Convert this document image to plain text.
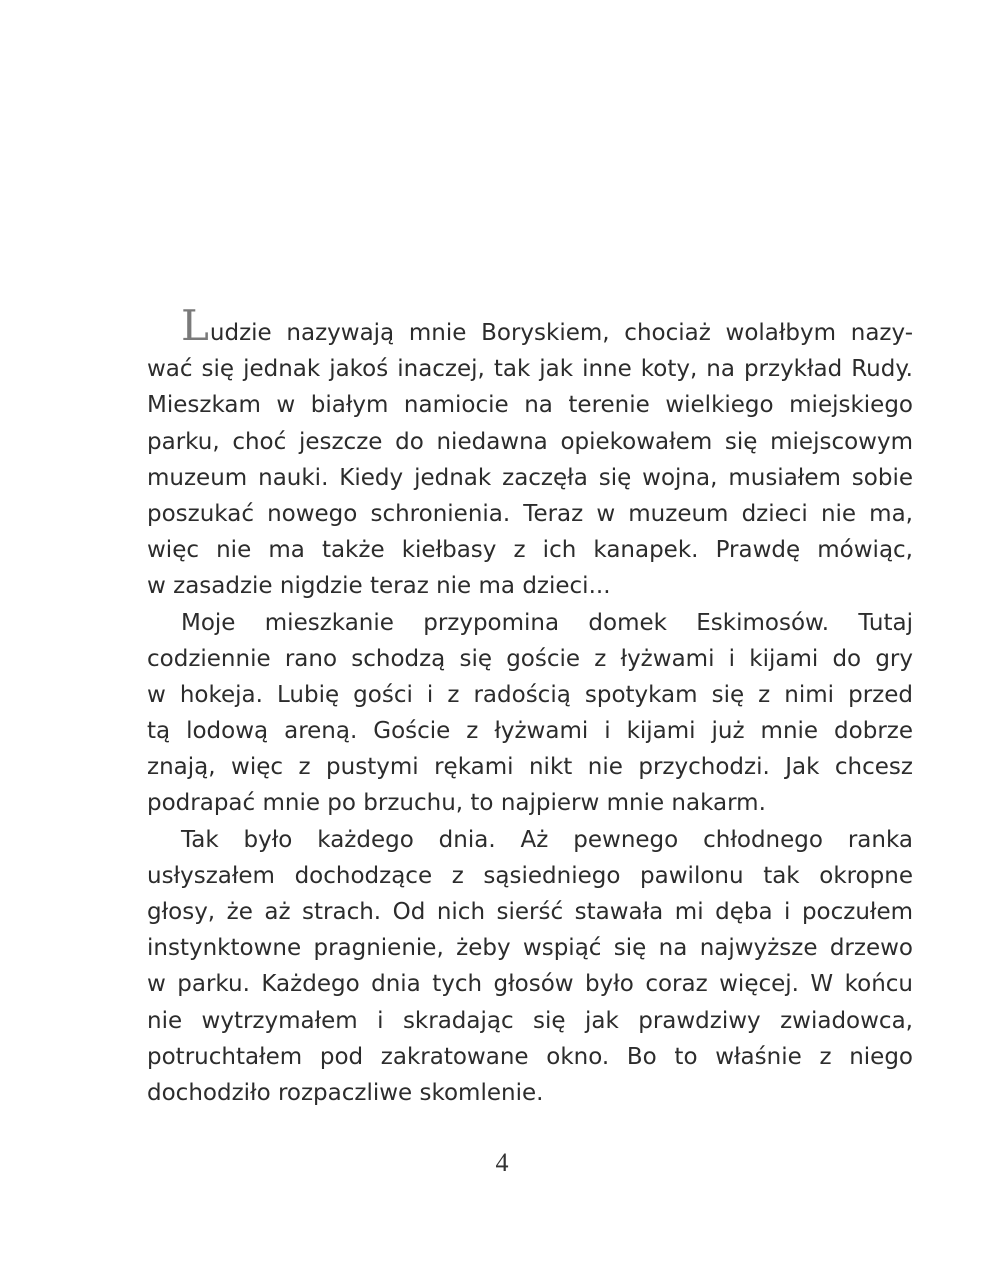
Ludzie nazywają mnie Boryskiem, chociaż wolałbym nazy-
wać się jednak jakoś inaczej, tak jak inne koty, na przykład Rudy.
Mieszkam w białym namiocie na terenie wielkiego miejskiego
parku, choć jeszcze do niedawna opiekowałem się miejscowym
muzeum nauki. Kiedy jednak zaczęła się wojna, musiałem sobie
poszukać nowego schronienia. Teraz w muzeum dzieci nie ma,
więc nie ma także kiełbasy z ich kanapek. Prawdę mówiąc,
w zasadzie nigdzie teraz nie ma dzieci...
Moje mieszkanie przypomina domek Eskimosów. Tutaj
codziennie rano schodzą się goście z łyżwami i kijami do gry
w hokeja. Lubię gości i z radością spotykam się z nimi przed
tą lodową areną. Goście z łyżwami i kijami już mnie dobrze
znają, więc z pustymi rękami nikt nie przychodzi. Jak chcesz
podrapać mnie po brzuchu, to najpierw mnie nakarm.
Tak było każdego dnia. Aż pewnego chłodnego ranka
usłyszałem dochodzące z sąsiedniego pawilonu tak okropne
głosy, że aż strach. Od nich sierść stawała mi dęba i poczułem
instynktowne pragnienie, żeby wspiąć się na najwyższe drzewo
w parku. Każdego dnia tych głosów było coraz więcej. W końcu
nie wytrzymałem i skradając się jak prawdziwy zwiadowca,
potruchtałem pod zakratowane okno. Bo to właśnie z niego
dochodziło rozpaczliwe skomlenie.
4
